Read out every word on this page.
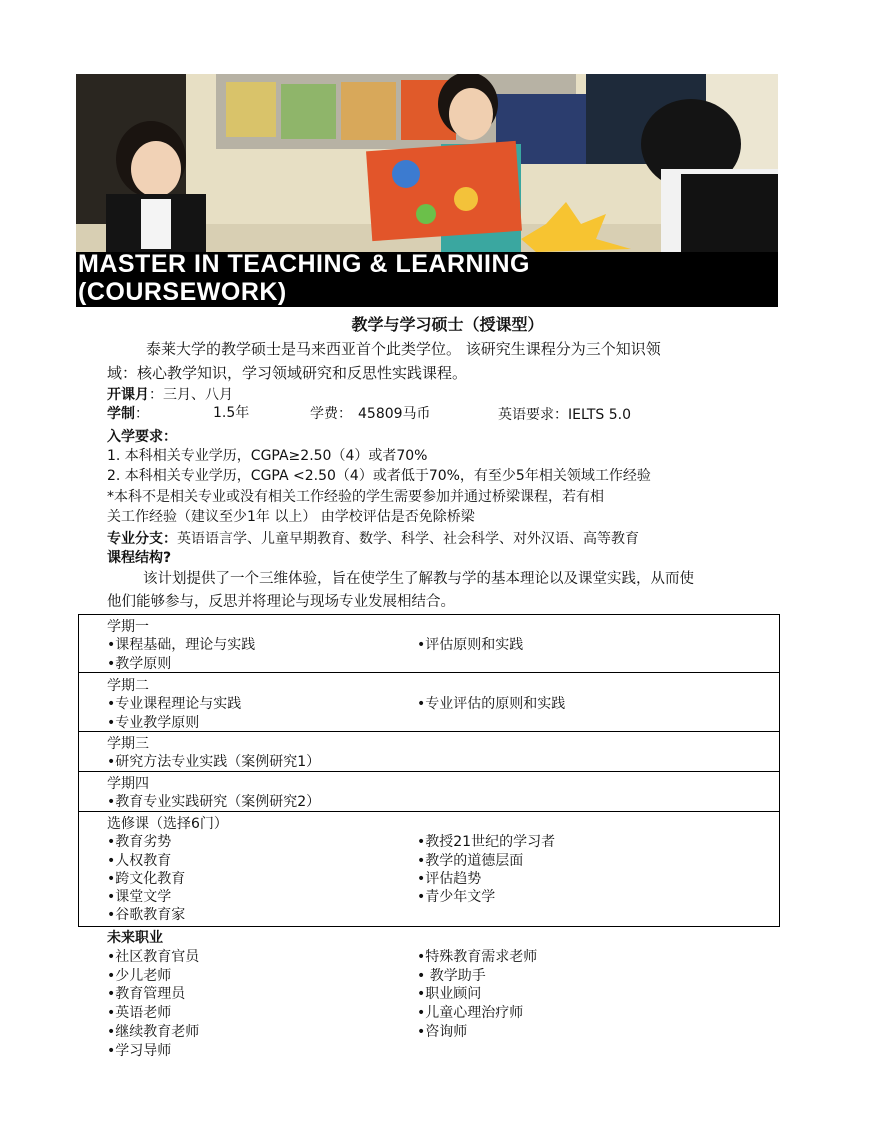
MASTER IN TEACHING & LEARNING
(COURSEWORK)
教学与学习硕士（授课型）
泰莱大学的教学硕士是马来西亚首个此类学位。 该研究生课程分为三个知识领
域：核心教学知识，学习领域研究和反思性实践课程。
开课月：三月、八月
学制：	1.5年	学费： 45809马币	英语要求：IELTS 5.0
入学要求：
1. 本科相关专业学历，CGPA≥2.50（4）或者70%
2. 本科相关专业学历，CGPA <2.50（4）或者低于70%，有至少5年相关领域工作经验
*本科不是相关专业或没有相关工作经验的学生需要参加并通过桥梁课程，若有相
关工作经验（建议至少1年 以上） 由学校评估是否免除桥梁
专业分支：英语语言学、儿童早期教育、数学、科学、社会科学、对外汉语、高等教育
课程结构?
该计划提供了一个三维体验，旨在使学生了解教与学的基本理论以及课堂实践，从而使
他们能够参与，反思并将理论与现场专业发展相结合。
学期一
•课程基础，理论与实践
•教学原则
•评估原则和实践
学期二
•专业课程理论与实践
•专业教学原则
•专业评估的原则和实践
学期三
•研究方法专业实践（案例研究1）
学期四
•教育专业实践研究（案例研究2）
选修课（选择6门）
•教育劣势
•人权教育
•跨文化教育
•课堂文学
•谷歌教育家
•教授21世纪的学习者
•教学的道德层面
•评估趋势
•青少年文学
未来职业
•社区教育官员
•少儿老师
•教育管理员
•英语老师
•继续教育老师
•学习导师
•特殊教育需求老师
• 教学助手
•职业顾问
•儿童心理治疗师
•咨询师
